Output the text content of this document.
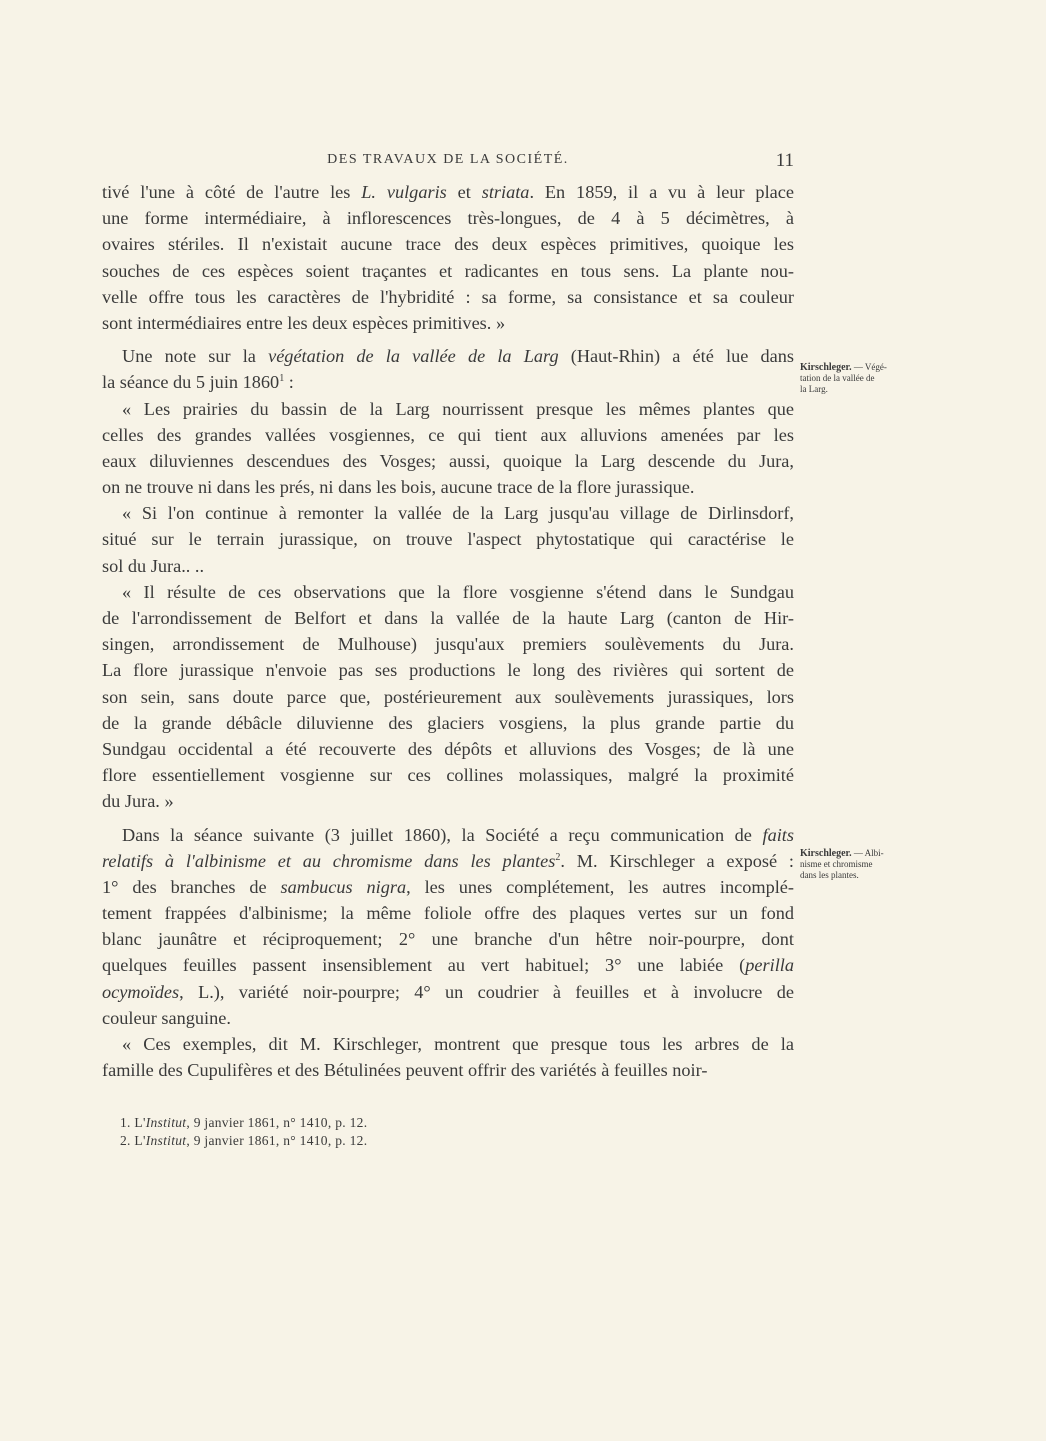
DES TRAVAUX DE LA SOCIÉTÉ.	11
tivé l'une à côté de l'autre les L. vulgaris et striata. En 1859, il a vu à leur place
une forme intermédiaire, à inflorescences très-longues, de 4 à 5 décimètres, à
ovaires stériles. Il n'existait aucune trace des deux espèces primitives, quoique les
souches de ces espèces soient traçantes et radicantes en tous sens. La plante nou-
velle offre tous les caractères de l'hybridité : sa forme, sa consistance et sa couleur
sont intermédiaires entre les deux espèces primitives. »
Une note sur la végétation de la vallée de la Larg (Haut-Rhin) a été lue dans
la séance du 5 juin 1860$^1$ :
« Les prairies du bassin de la Larg nourrissent presque les mêmes plantes que
celles des grandes vallées vosgiennes, ce qui tient aux alluvions amenées par les
eaux diluviennes descendues des Vosges; aussi, quoique la Larg descende du Jura,
on ne trouve ni dans les prés, ni dans les bois, aucune trace de la flore jurassique.
« Si l'on continue à remonter la vallée de la Larg jusqu'au village de Dirlinsdorf,
situé sur le terrain jurassique, on trouve l'aspect phytostatique qui caractérise le
sol du Jura.. ..
« Il résulte de ces observations que la flore vosgienne s'étend dans le Sundgau
de l'arrondissement de Belfort et dans la vallée de la haute Larg (canton de Hir-
singen, arrondissement de Mulhouse) jusqu'aux premiers soulèvements du Jura.
La flore jurassique n'envoie pas ses productions le long des rivières qui sortent de
son sein, sans doute parce que, postérieurement aux soulèvements jurassiques, lors
de la grande débâcle diluvienne des glaciers vosgiens, la plus grande partie du
Sundgau occidental a été recouverte des dépôts et alluvions des Vosges; de là une
flore essentiellement vosgienne sur ces collines molassiques, malgré la proximité
du Jura. »
Dans la séance suivante (3 juillet 1860), la Société a reçu communication de faits
relatifs à l'albinisme et au chromisme dans les plantes$^2$. M. Kirschleger a exposé :
1° des branches de sambucus nigra, les unes complétement, les autres incomplé-
tement frappées d'albinisme; la même foliole offre des plaques vertes sur un fond
blanc jaunâtre et réciproquement; 2° une branche d'un hêtre noir-pourpre, dont
quelques feuilles passent insensiblement au vert habituel; 3° une labiée (perilla
ocymoïdes, L.), variété noir-pourpre; 4° un coudrier à feuilles et à involucre de
couleur sanguine.
« Ces exemples, dit M. Kirschleger, montrent que presque tous les arbres de la
famille des Cupulifères et des Bétulinées peuvent offrir des variétés à feuilles noir-
Kirschleger. — Végé-
tation de la vallée de
la Larg.
Kirschleger. — Albi-
nisme et chromisme
dans les plantes.
1. L'Institut, 9 janvier 1861, n° 1410, p. 12.
2. L'Institut, 9 janvier 1861, n° 1410, p. 12.
